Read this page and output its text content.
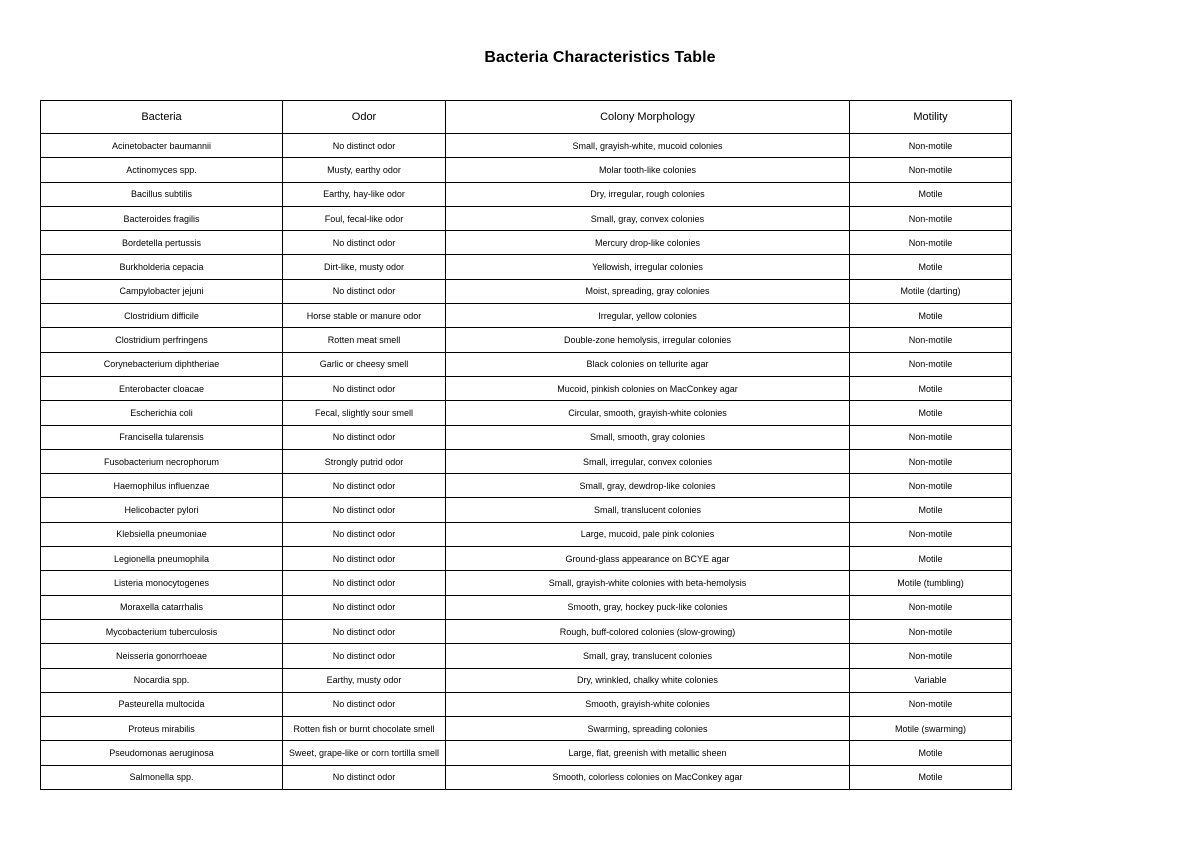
Bacteria Characteristics Table
Bacteria	Odor	Colony Morphology	Motility
Acinetobacter baumannii	No distinct odor	Small, grayish-white, mucoid colonies	Non-motile
Actinomyces spp.	Musty, earthy odor	Molar tooth-like colonies	Non-motile
Bacillus subtilis	Earthy, hay-like odor	Dry, irregular, rough colonies	Motile
Bacteroides fragilis	Foul, fecal-like odor	Small, gray, convex colonies	Non-motile
Bordetella pertussis	No distinct odor	Mercury drop-like colonies	Non-motile
Burkholderia cepacia	Dirt-like, musty odor	Yellowish, irregular colonies	Motile
Campylobacter jejuni	No distinct odor	Moist, spreading, gray colonies	Motile (darting)
Clostridium difficile	Horse stable or manure odor	Irregular, yellow colonies	Motile
Clostridium perfringens	Rotten meat smell	Double-zone hemolysis, irregular colonies	Non-motile
Corynebacterium diphtheriae	Garlic or cheesy smell	Black colonies on tellurite agar	Non-motile
Enterobacter cloacae	No distinct odor	Mucoid, pinkish colonies on MacConkey agar	Motile
Escherichia coli	Fecal, slightly sour smell	Circular, smooth, grayish-white colonies	Motile
Francisella tularensis	No distinct odor	Small, smooth, gray colonies	Non-motile
Fusobacterium necrophorum	Strongly putrid odor	Small, irregular, convex colonies	Non-motile
Haemophilus influenzae	No distinct odor	Small, gray, dewdrop-like colonies	Non-motile
Helicobacter pylori	No distinct odor	Small, translucent colonies	Motile
Klebsiella pneumoniae	No distinct odor	Large, mucoid, pale pink colonies	Non-motile
Legionella pneumophila	No distinct odor	Ground-glass appearance on BCYE agar	Motile
Listeria monocytogenes	No distinct odor	Small, grayish-white colonies with beta-hemolysis	Motile (tumbling)
Moraxella catarrhalis	No distinct odor	Smooth, gray, hockey puck-like colonies	Non-motile
Mycobacterium tuberculosis	No distinct odor	Rough, buff-colored colonies (slow-growing)	Non-motile
Neisseria gonorrhoeae	No distinct odor	Small, gray, translucent colonies	Non-motile
Nocardia spp.	Earthy, musty odor	Dry, wrinkled, chalky white colonies	Variable
Pasteurella multocida	No distinct odor	Smooth, grayish-white colonies	Non-motile
Proteus mirabilis	Rotten fish or burnt chocolate smell	Swarming, spreading colonies	Motile (swarming)
Pseudomonas aeruginosa	Sweet, grape-like or corn tortilla smell	Large, flat, greenish with metallic sheen	Motile
Salmonella spp.	No distinct odor	Smooth, colorless colonies on MacConkey agar	Motile
